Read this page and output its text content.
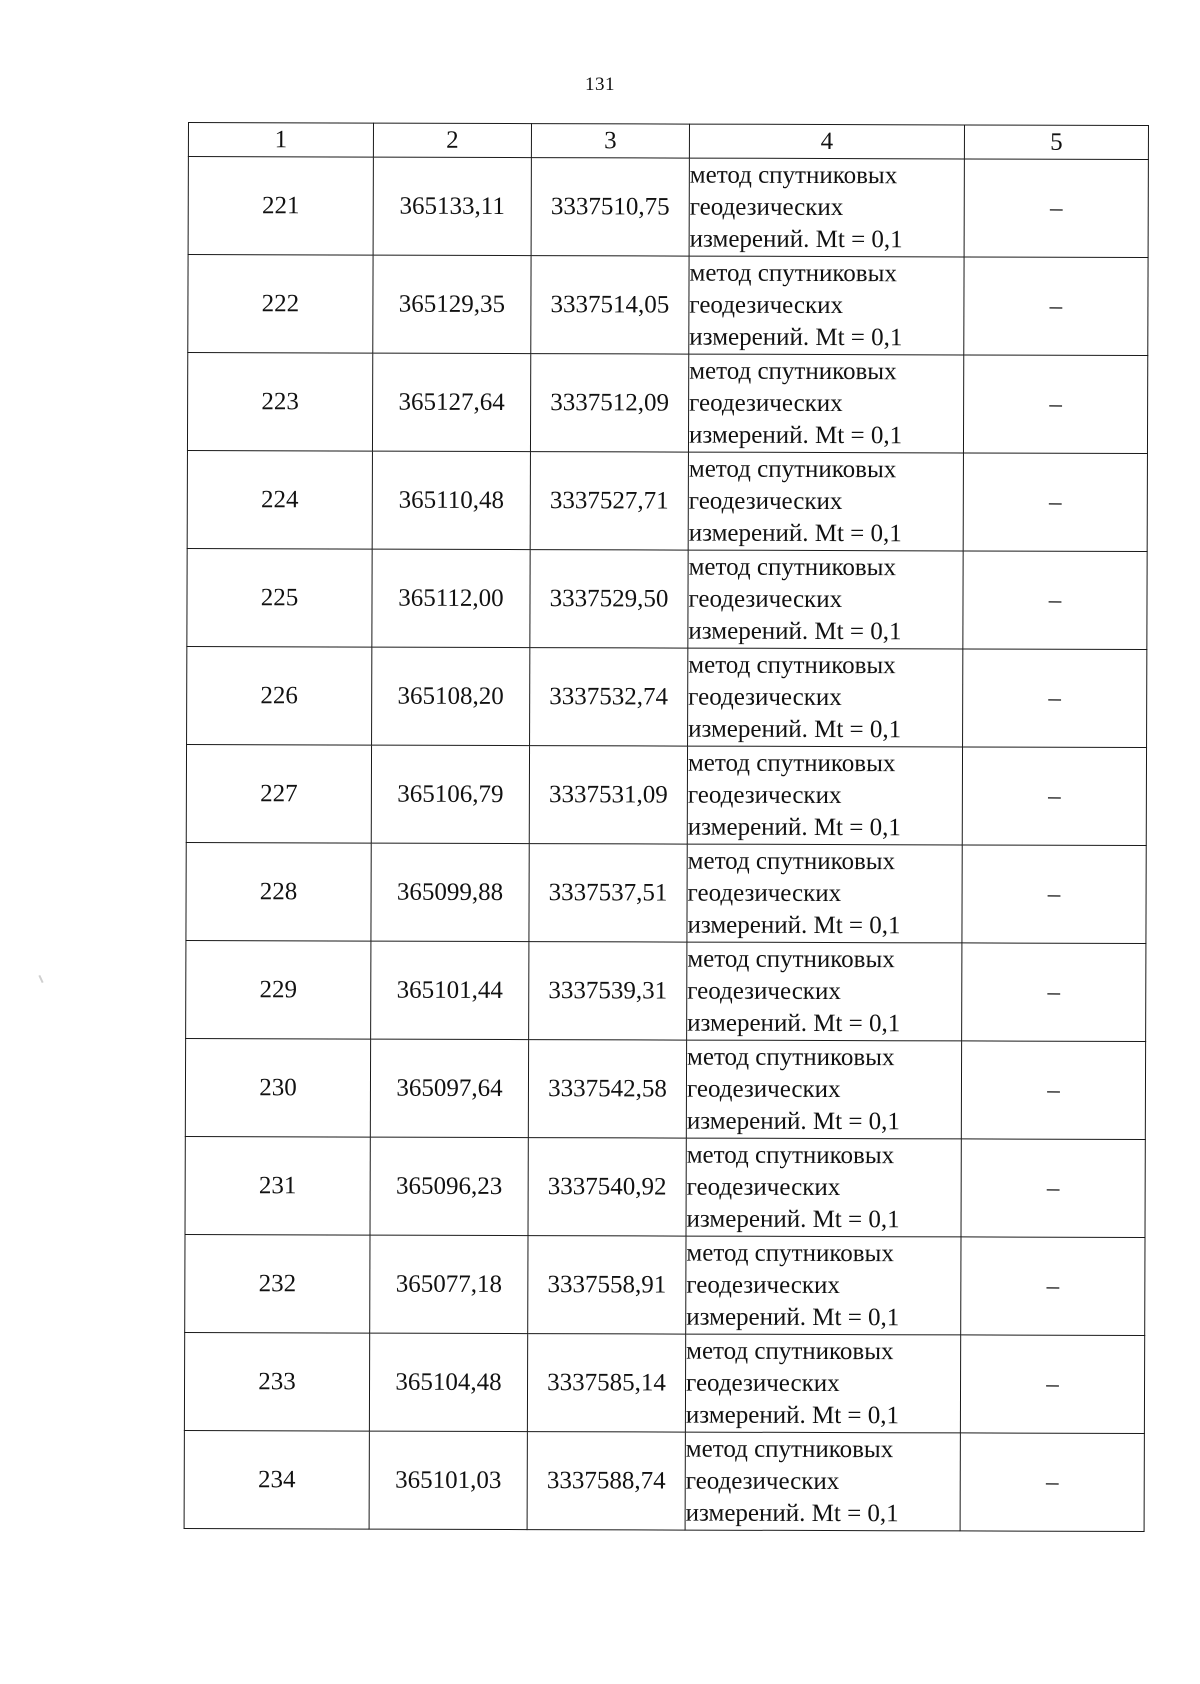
131
1	2	3	4	5
221	365133,11	3337510,75	метод спутниковых
геодезических
измерений. Mt = 0,1	–
222	365129,35	3337514,05	метод спутниковых
геодезических
измерений. Mt = 0,1	–
223	365127,64	3337512,09	метод спутниковых
геодезических
измерений. Mt = 0,1	–
224	365110,48	3337527,71	метод спутниковых
геодезических
измерений. Mt = 0,1	–
225	365112,00	3337529,50	метод спутниковых
геодезических
измерений. Mt = 0,1	–
226	365108,20	3337532,74	метод спутниковых
геодезических
измерений. Mt = 0,1	–
227	365106,79	3337531,09	метод спутниковых
геодезических
измерений. Mt = 0,1	–
228	365099,88	3337537,51	метод спутниковых
геодезических
измерений. Mt = 0,1	–
229	365101,44	3337539,31	метод спутниковых
геодезических
измерений. Mt = 0,1	–
230	365097,64	3337542,58	метод спутниковых
геодезических
измерений. Mt = 0,1	–
231	365096,23	3337540,92	метод спутниковых
геодезических
измерений. Mt = 0,1	–
232	365077,18	3337558,91	метод спутниковых
геодезических
измерений. Mt = 0,1	–
233	365104,48	3337585,14	метод спутниковых
геодезических
измерений. Mt = 0,1	–
234	365101,03	3337588,74	метод спутниковых
геодезических
измерений. Mt = 0,1	–
